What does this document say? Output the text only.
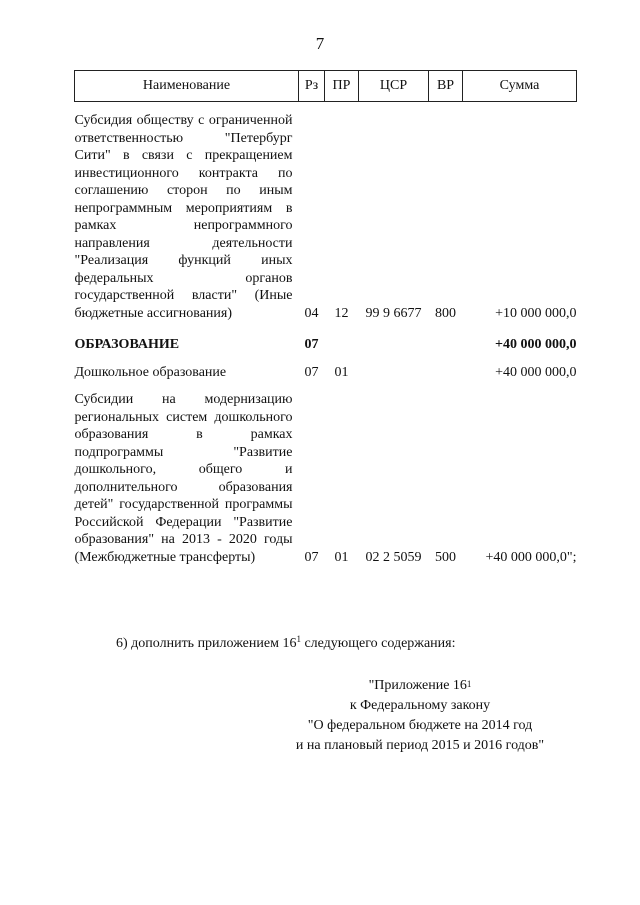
7
Наименование	Рз	ПР	ЦСР	ВР	Сумма

Субсидия обществу с ограниченной ответственностью "Петербург Сити" в связи с прекращением инвестиционного контракта по соглашению сторон по иным непрограммным мероприятиям в рамках непрограммного направления деятельности "Реализация функций иных федеральных органов государственной власти" (Иные бюджетные ассигнования)	04	12	99 9 6677	800	+10 000 000,0

ОБРАЗОВАНИЕ	07				+40 000 000,0

Дошкольное образование	07	01			+40 000 000,0

Субсидии на модернизацию региональных систем дошкольного образования в рамках подпрограммы "Развитие дошкольного, общего и дополнительного образования детей" государственной программы Российской Федерации "Развитие образования" на 2013 - 2020 годы (Межбюджетные трансферты)	07	01	02 2 5059	500	+40 000 000,0";
6) дополнить приложением $16^1$ следующего содержания:
"Приложение $16^1$
к Федеральному закону
"О федеральном бюджете на 2014 год
и на плановый период 2015 и 2016 годов"
